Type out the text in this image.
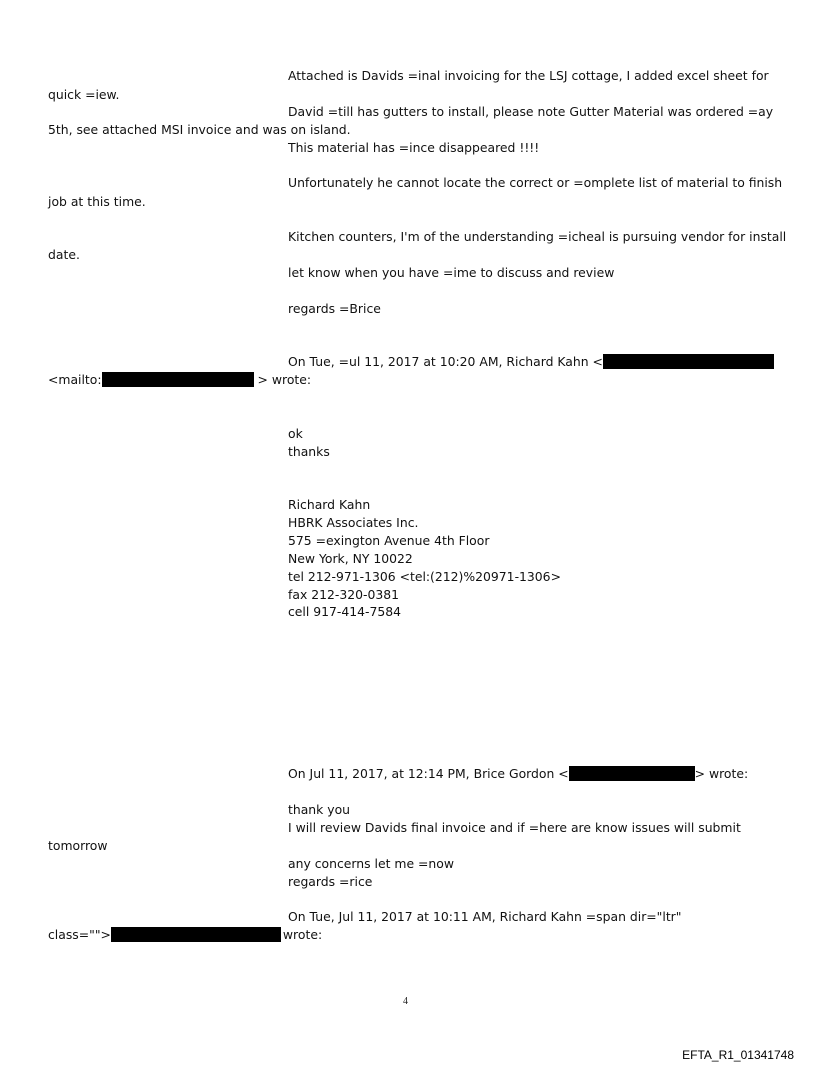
Attached is Davids =inal invoicing for the LSJ cottage, I added excel sheet for
quick =iew.
David =till has gutters to install, please note Gutter Material was ordered =ay
5th, see attached MSI invoice and was on island.
This material has =ince disappeared !!!!
Unfortunately he cannot locate the correct or =omplete list of material to finish
job at this time.
Kitchen counters, I'm of the understanding =icheal is pursuing vendor for install
date.
let know when you have =ime to discuss and review
regards =Brice
On Tue, =ul 11, 2017 at 10:20 AM, Richard Kahn <
<mailto:	> wrote:
ok
thanks
Richard Kahn
HBRK Associates Inc.
575 =exington Avenue 4th Floor
New York, NY 10022
tel 212-971-1306 <tel:(212)%20971-1306>
fax 212-320-0381
cell 917-414-7584
On Jul 11, 2017, at 12:14 PM, Brice Gordon <	> wrote:
thank you
I will review Davids final invoice and if =here are know issues will submit
tomorrow
any concerns let me =now
regards =rice
On Tue, Jul 11, 2017 at 10:11 AM, Richard Kahn =span dir="ltr"
class="">	wrote:
4
EFTA_R1_01341748
